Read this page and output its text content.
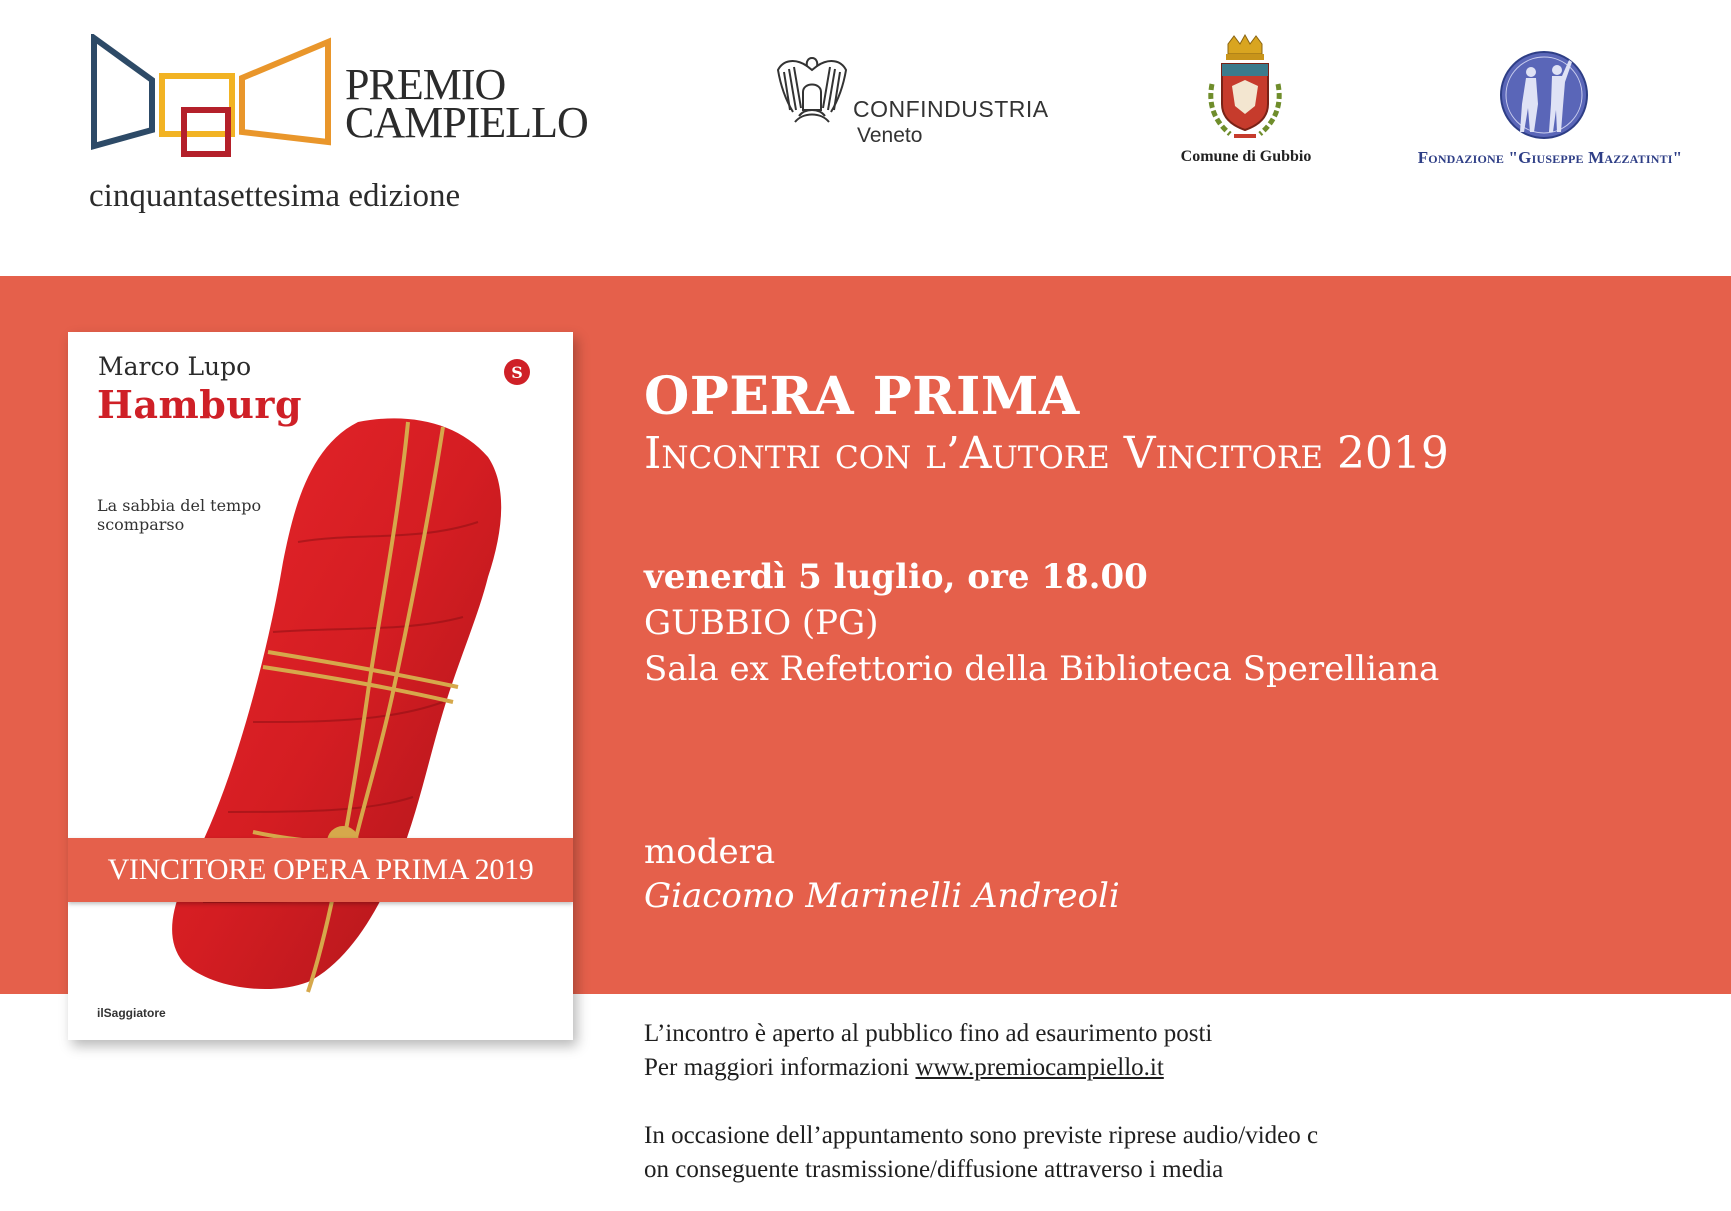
PREMIO
CAMPIELLO
cinquantasettesima edizione
CONFINDUSTRIA
Veneto
Comune di Gubbio	Fondazione "Giuseppe Mazzatinti"
Marco Lupo
Hamburg
S
La sabbia del tempo scomparso
VINCITORE OPERA PRIMA 2019
ilSaggiatore
OPERA PRIMA
Incontri con l’Autore Vincitore 2019
venerdì 5 luglio, ore 18.00
GUBBIO (PG)
Sala ex Refettorio della Biblioteca Sperelliana
modera
Giacomo Marinelli Andreoli
L’incontro è aperto al pubblico fino ad esaurimento posti
Per maggiori informazioni www.premiocampiello.it
In occasione dell’appuntamento sono previste riprese audio/video c
on conseguente trasmissione/diffusione attraverso i media
